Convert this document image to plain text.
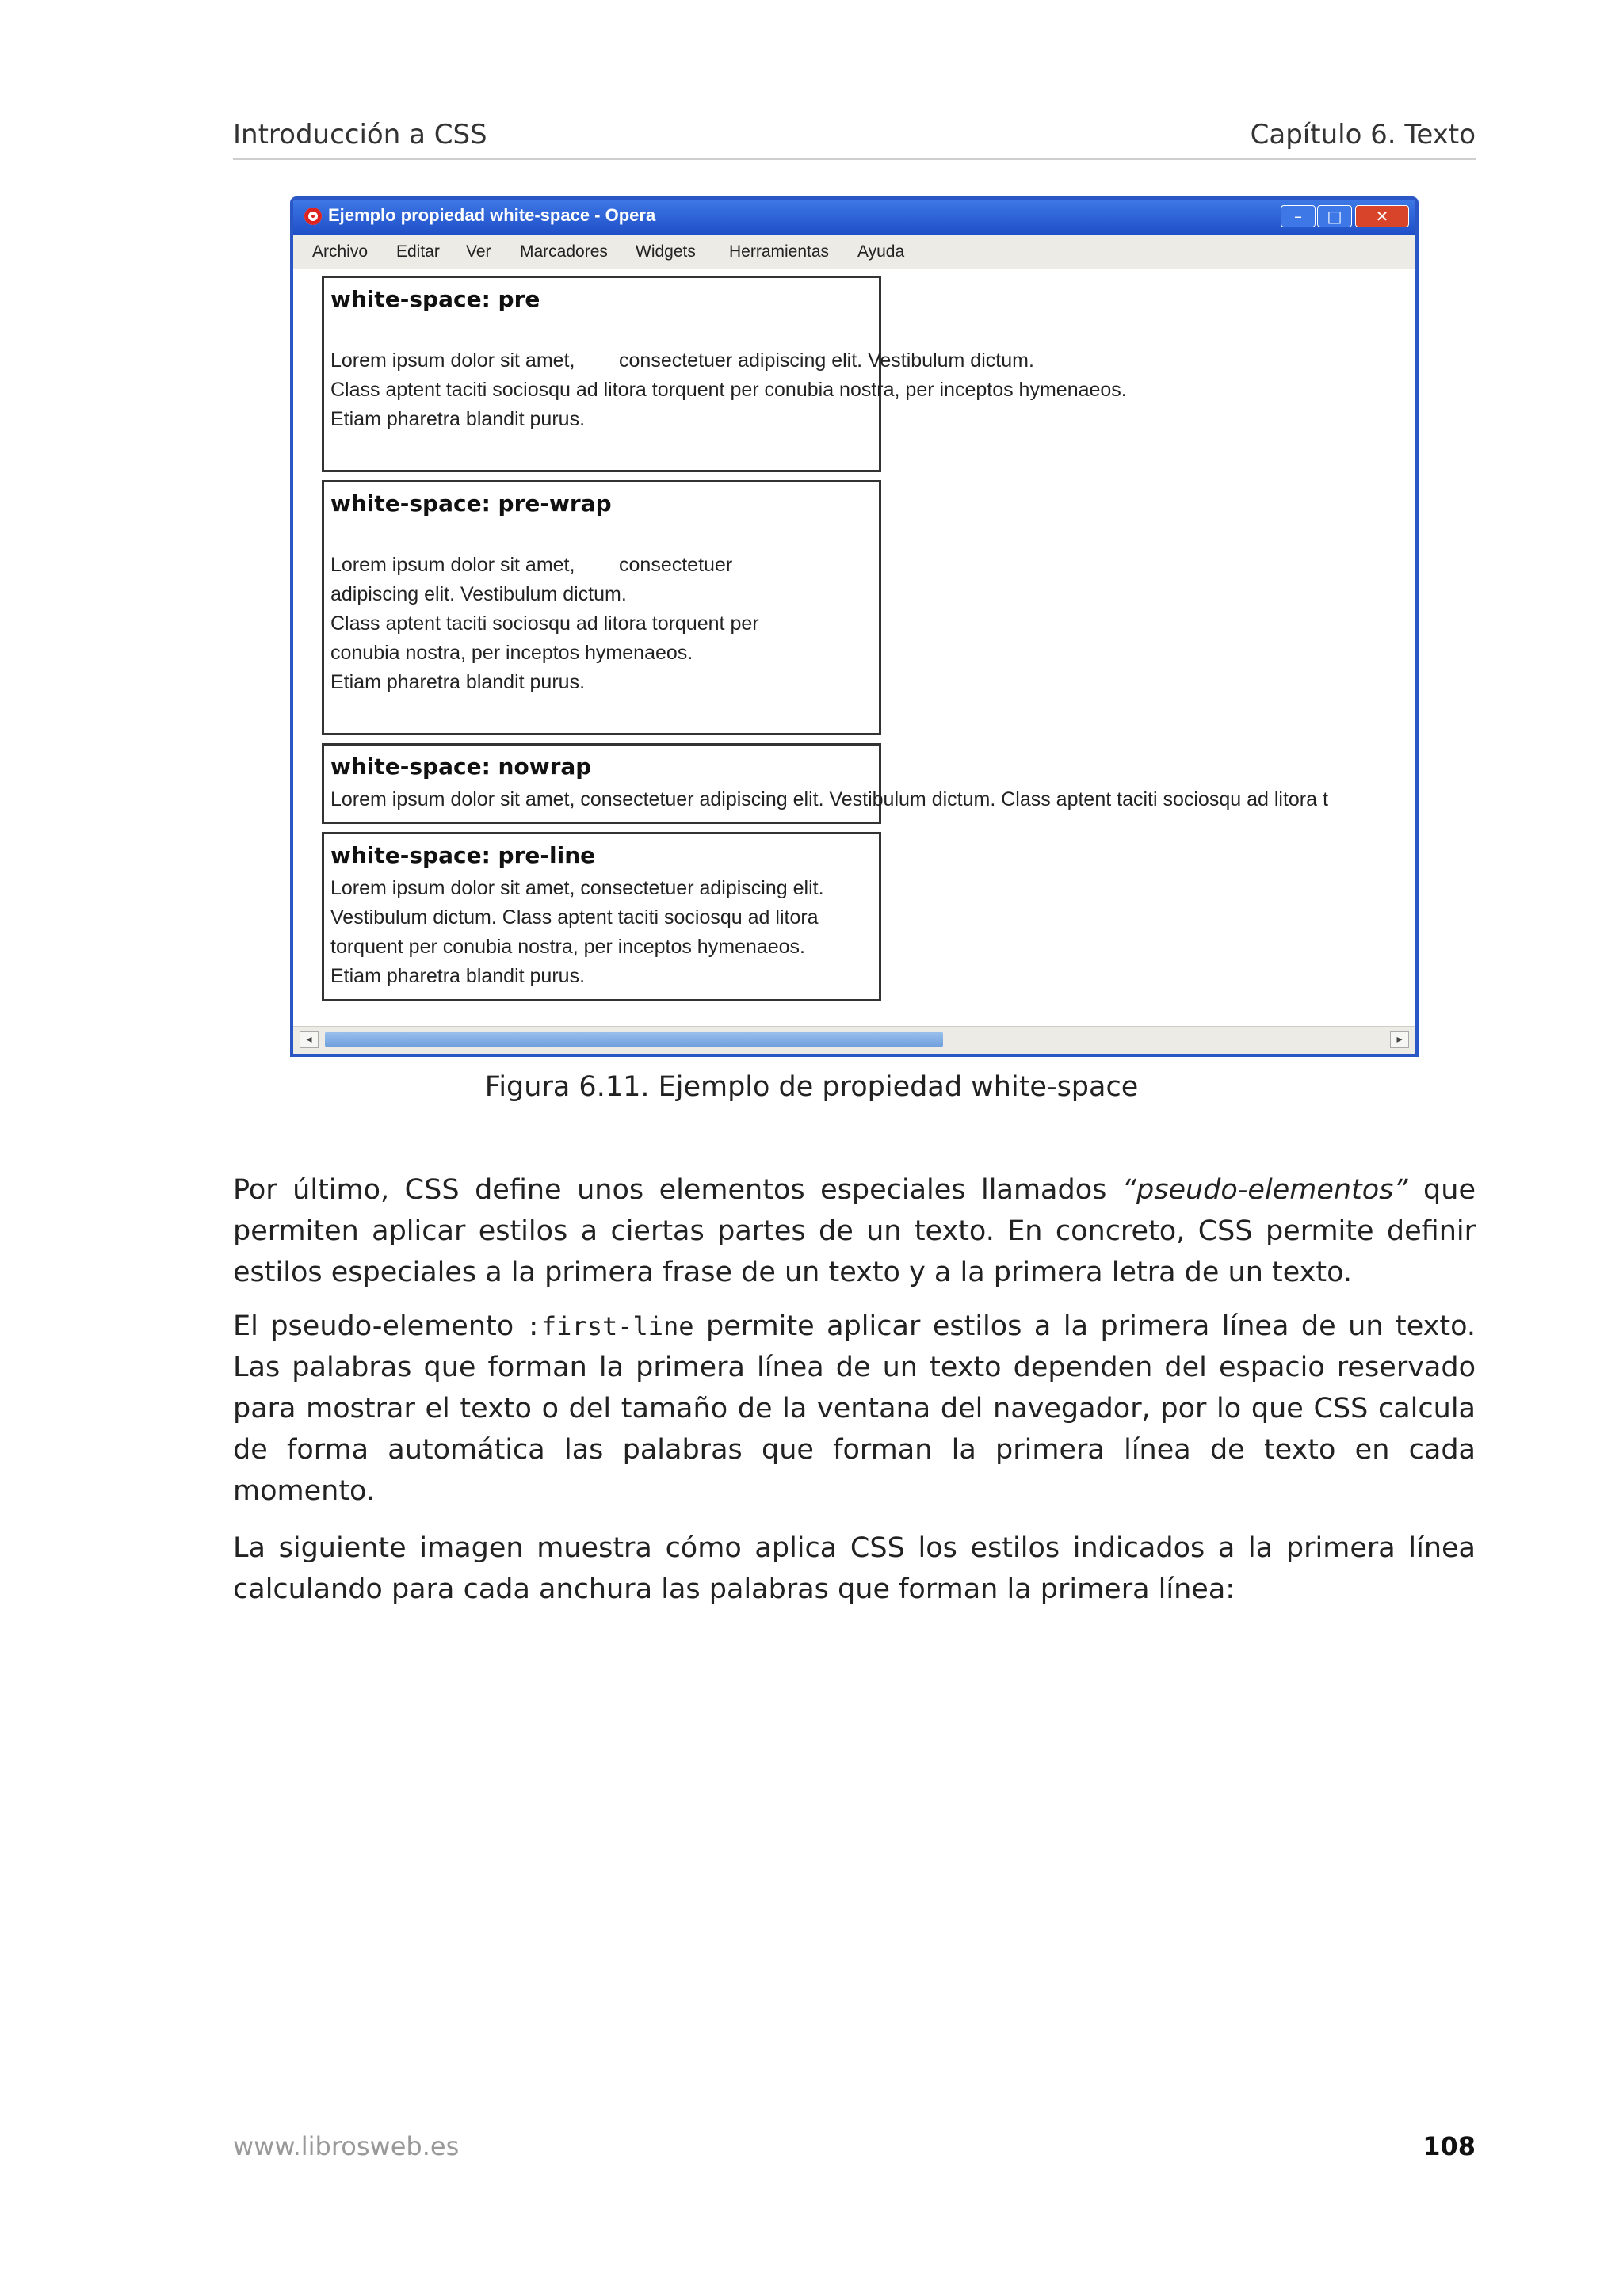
Introducción a CSS	Capítulo 6. Texto
Ejemplo propiedad white-space - Opera	–	□	✕
Archivo Editar Ver Marcadores Widgets Herramientas Ayuda
white-space: pre
Lorem ipsum dolor sit amet,        consectetuer adipiscing elit. Vestibulum dictum.
Class aptent taciti sociosqu ad litora torquent per conubia nostra, per inceptos hymenaeos.
Etiam pharetra blandit purus.
white-space: pre-wrap
Lorem ipsum dolor sit amet,        consectetuer
adipiscing elit. Vestibulum dictum.
Class aptent taciti sociosqu ad litora torquent per
conubia nostra, per inceptos hymenaeos.
Etiam pharetra blandit purus.
white-space: nowrap
Lorem ipsum dolor sit amet, consectetuer adipiscing elit. Vestibulum dictum. Class aptent taciti sociosqu ad litora t
white-space: pre-line
Lorem ipsum dolor sit amet, consectetuer adipiscing elit.
Vestibulum dictum. Class aptent taciti sociosqu ad litora
torquent per conubia nostra, per inceptos hymenaeos.
Etiam pharetra blandit purus.
◂	▸
Figura 6.11. Ejemplo de propiedad white-space

Por último, CSS define unos elementos especiales llamados “pseudo-elementos” que permiten aplicar estilos a ciertas partes de un texto. En concreto, CSS permite definir estilos especiales a la primera frase de un texto y a la primera letra de un texto.

El pseudo-elemento :first-line permite aplicar estilos a la primera línea de un texto. Las palabras que forman la primera línea de un texto dependen del espacio reservado para mostrar el texto o del tamaño de la ventana del navegador, por lo que CSS calcula de forma automática las palabras que forman la primera línea de texto en cada momento.

La siguiente imagen muestra cómo aplica CSS los estilos indicados a la primera línea calculando para cada anchura las palabras que forman la primera línea:

www.librosweb.es	108
